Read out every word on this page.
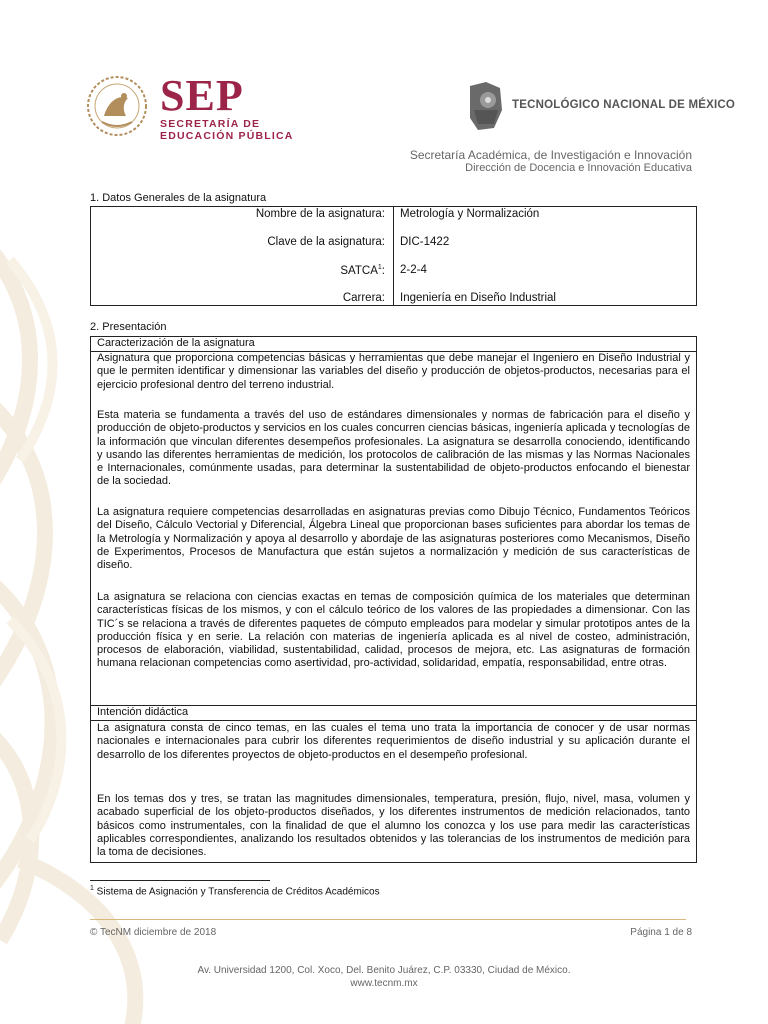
SEP
SECRETARÍA DE
EDUCACIÓN PÚBLICA
TECNOLÓGICO NACIONAL DE MÉXICO
Secretaría Académica, de Investigación e Innovación
Dirección de Docencia e Innovación Educativa
1. Datos Generales de la asignatura
Nombre de la asignatura: Metrología y Normalización
Clave de la asignatura: DIC-1422
SATCA$^1$: 2-2-4
Carrera: Ingeniería en Diseño Industrial
2. Presentación
Caracterización de la asignatura

Asignatura que proporciona competencias básicas y herramientas que debe manejar el Ingeniero en Diseño Industrial y que le permiten identificar y dimensionar las variables del diseño y producción de objetos-productos, necesarias para el ejercicio profesional dentro del terreno industrial.

Esta materia se fundamenta a través del uso de estándares dimensionales y normas de fabricación para el diseño y producción de objeto-productos y servicios en los cuales concurren ciencias básicas, ingeniería aplicada y tecnologías de la información que vinculan diferentes desempeños profesionales. La asignatura se desarrolla conociendo, identificando y usando las diferentes herramientas de medición, los protocolos de calibración de las mismas y las Normas Nacionales e Internacionales, comúnmente usadas, para determinar la sustentabilidad de objeto-productos enfocando el bienestar de la sociedad.

La asignatura requiere competencias desarrolladas en asignaturas previas como Dibujo Técnico, Fundamentos Teóricos del Diseño, Cálculo Vectorial y Diferencial, Álgebra Lineal que proporcionan bases suficientes para abordar los temas de la Metrología y Normalización y apoya al desarrollo y abordaje de las asignaturas posteriores como Mecanismos, Diseño de Experimentos, Procesos de Manufactura que están sujetos a normalización y medición de sus características de diseño.

La asignatura se relaciona con ciencias exactas en temas de composición química de los materiales que determinan características físicas de los mismos, y con el cálculo teórico de los valores de las propiedades a dimensionar. Con las TIC´s se relaciona a través de diferentes paquetes de cómputo empleados para modelar y simular prototipos antes de la producción física y en serie. La relación con materias de ingeniería aplicada es al nivel de costeo, administración, procesos de elaboración, viabilidad, sustentabilidad, calidad, procesos de mejora, etc. Las asignaturas de formación humana relacionan competencias como asertividad, pro-actividad, solidaridad, empatía, responsabilidad, entre otras.

Intención didáctica

La asignatura consta de cinco temas, en las cuales el tema uno trata la importancia de conocer y de usar normas nacionales e internacionales para cubrir los diferentes requerimientos de diseño industrial y su aplicación durante el desarrollo de los diferentes proyectos de objeto-productos en el desempeño profesional.

En los temas dos y tres, se tratan las magnitudes dimensionales, temperatura, presión, flujo, nivel, masa, volumen y acabado superficial de los objeto-productos diseñados, y los diferentes instrumentos de medición relacionados, tanto básicos como instrumentales, con la finalidad de que el alumno los conozca y los use para medir las características aplicables correspondientes, analizando los resultados obtenidos y las tolerancias de los instrumentos de medición para la toma de decisiones.

$^1$ Sistema de Asignación y Transferencia de Créditos Académicos
© TecNM diciembre de 2018	Página 1 de 8
Av. Universidad 1200, Col. Xoco, Del. Benito Juárez, C.P. 03330, Ciudad de México.
www.tecnm.mx
